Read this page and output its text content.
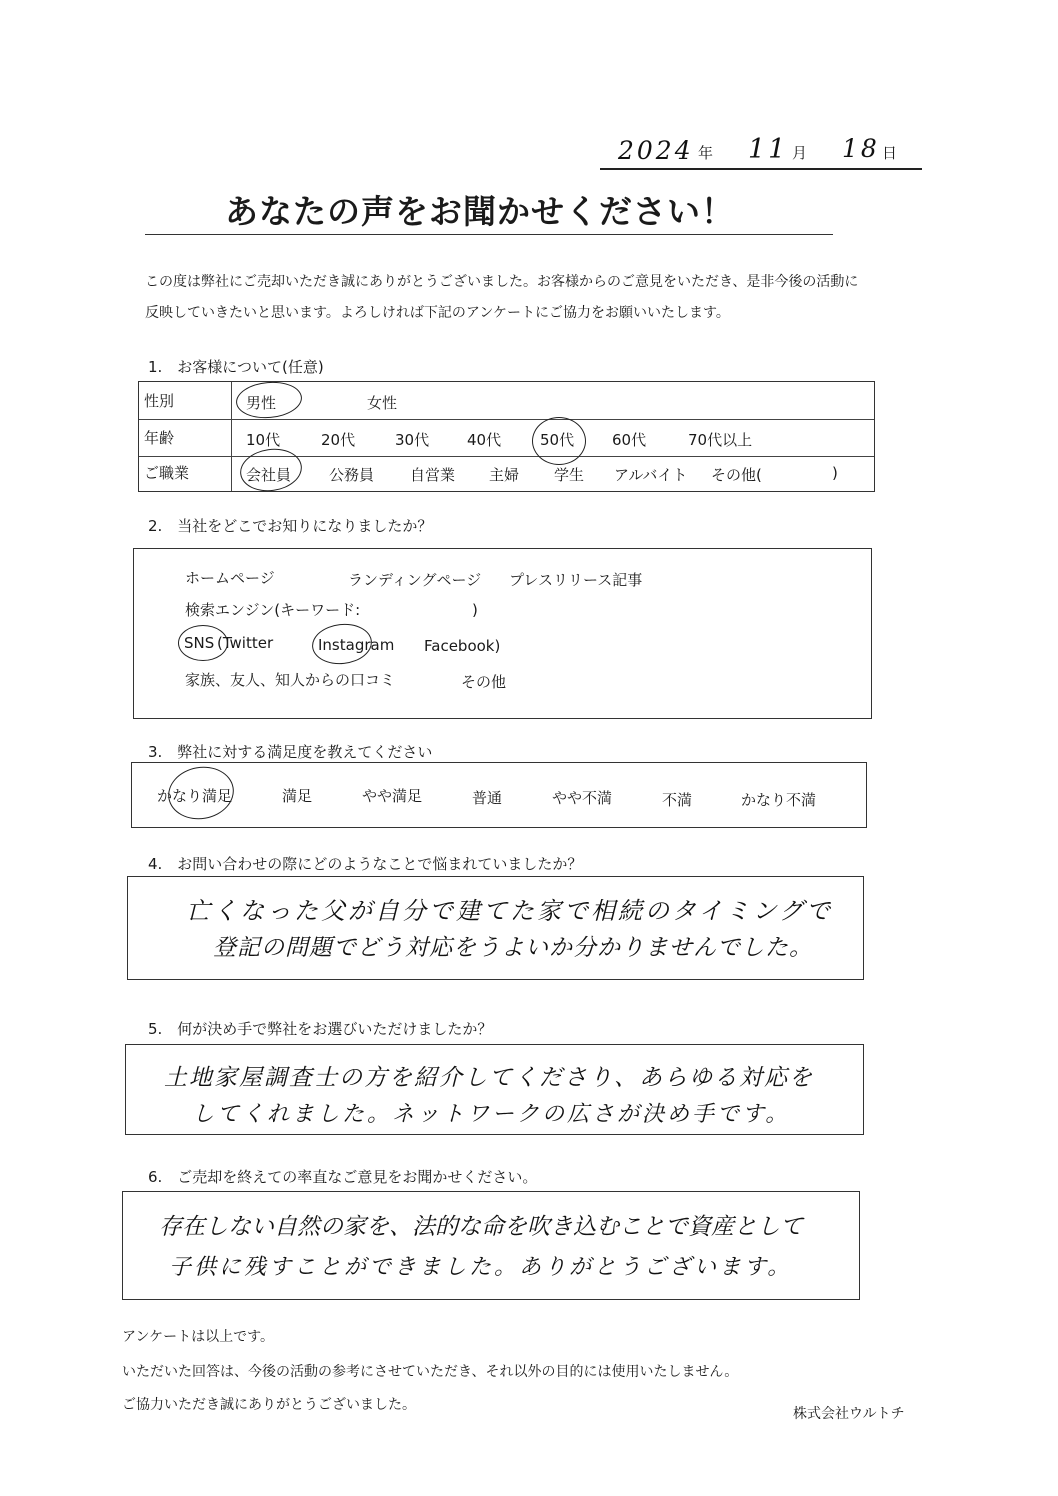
2024 年 11 月 18 日
あなたの声をお聞かせください！
この度は弊社にご売却いただき誠にありがとうございました。お客様からのご意見をいただき、是非今後の活動に
反映していきたいと思います。よろしければ下記のアンケートにご協力をお願いいたします。
1.　お客様について(任意)
性別	男性	女性
年齢	10代	20代	30代	40代	50代	60代	70代以上
ご職業	会社員	公務員 自営業 主婦 学生 アルバイト その他(	)
2.　当社をどこでお知りになりましたか？
ホームページ	ランディングページ プレスリリース記事
検索エンジン(キーワード:	)
SNS (Twitter	Instagram Facebook)
家族、友人、知人からの口コミ	その他
3.　弊社に対する満足度を教えてください
かなり満足	満足	やや満足	普通	やや不満	不満	かなり不満
4.　お問い合わせの際にどのようなことで悩まれていましたか？
亡くなった父が自分で建てた家で相続のタイミングで
登記の問題でどう対応をうよいか分かりませんでした。
5.　何が決め手で弊社をお選びいただけましたか？
土地家屋調査士の方を紹介してくださり、あらゆる対応を
してくれました。ネットワークの広さが決め手です。
6.　ご売却を終えての率直なご意見をお聞かせください。
存在しない自然の家を、法的な命を吹き込むことで資産として
子供に残すことができました。ありがとうございます。
アンケートは以上です。
いただいた回答は、今後の活動の参考にさせていただき、それ以外の目的には使用いたしません。
ご協力いただき誠にありがとうございました。
株式会社ウルトチ
